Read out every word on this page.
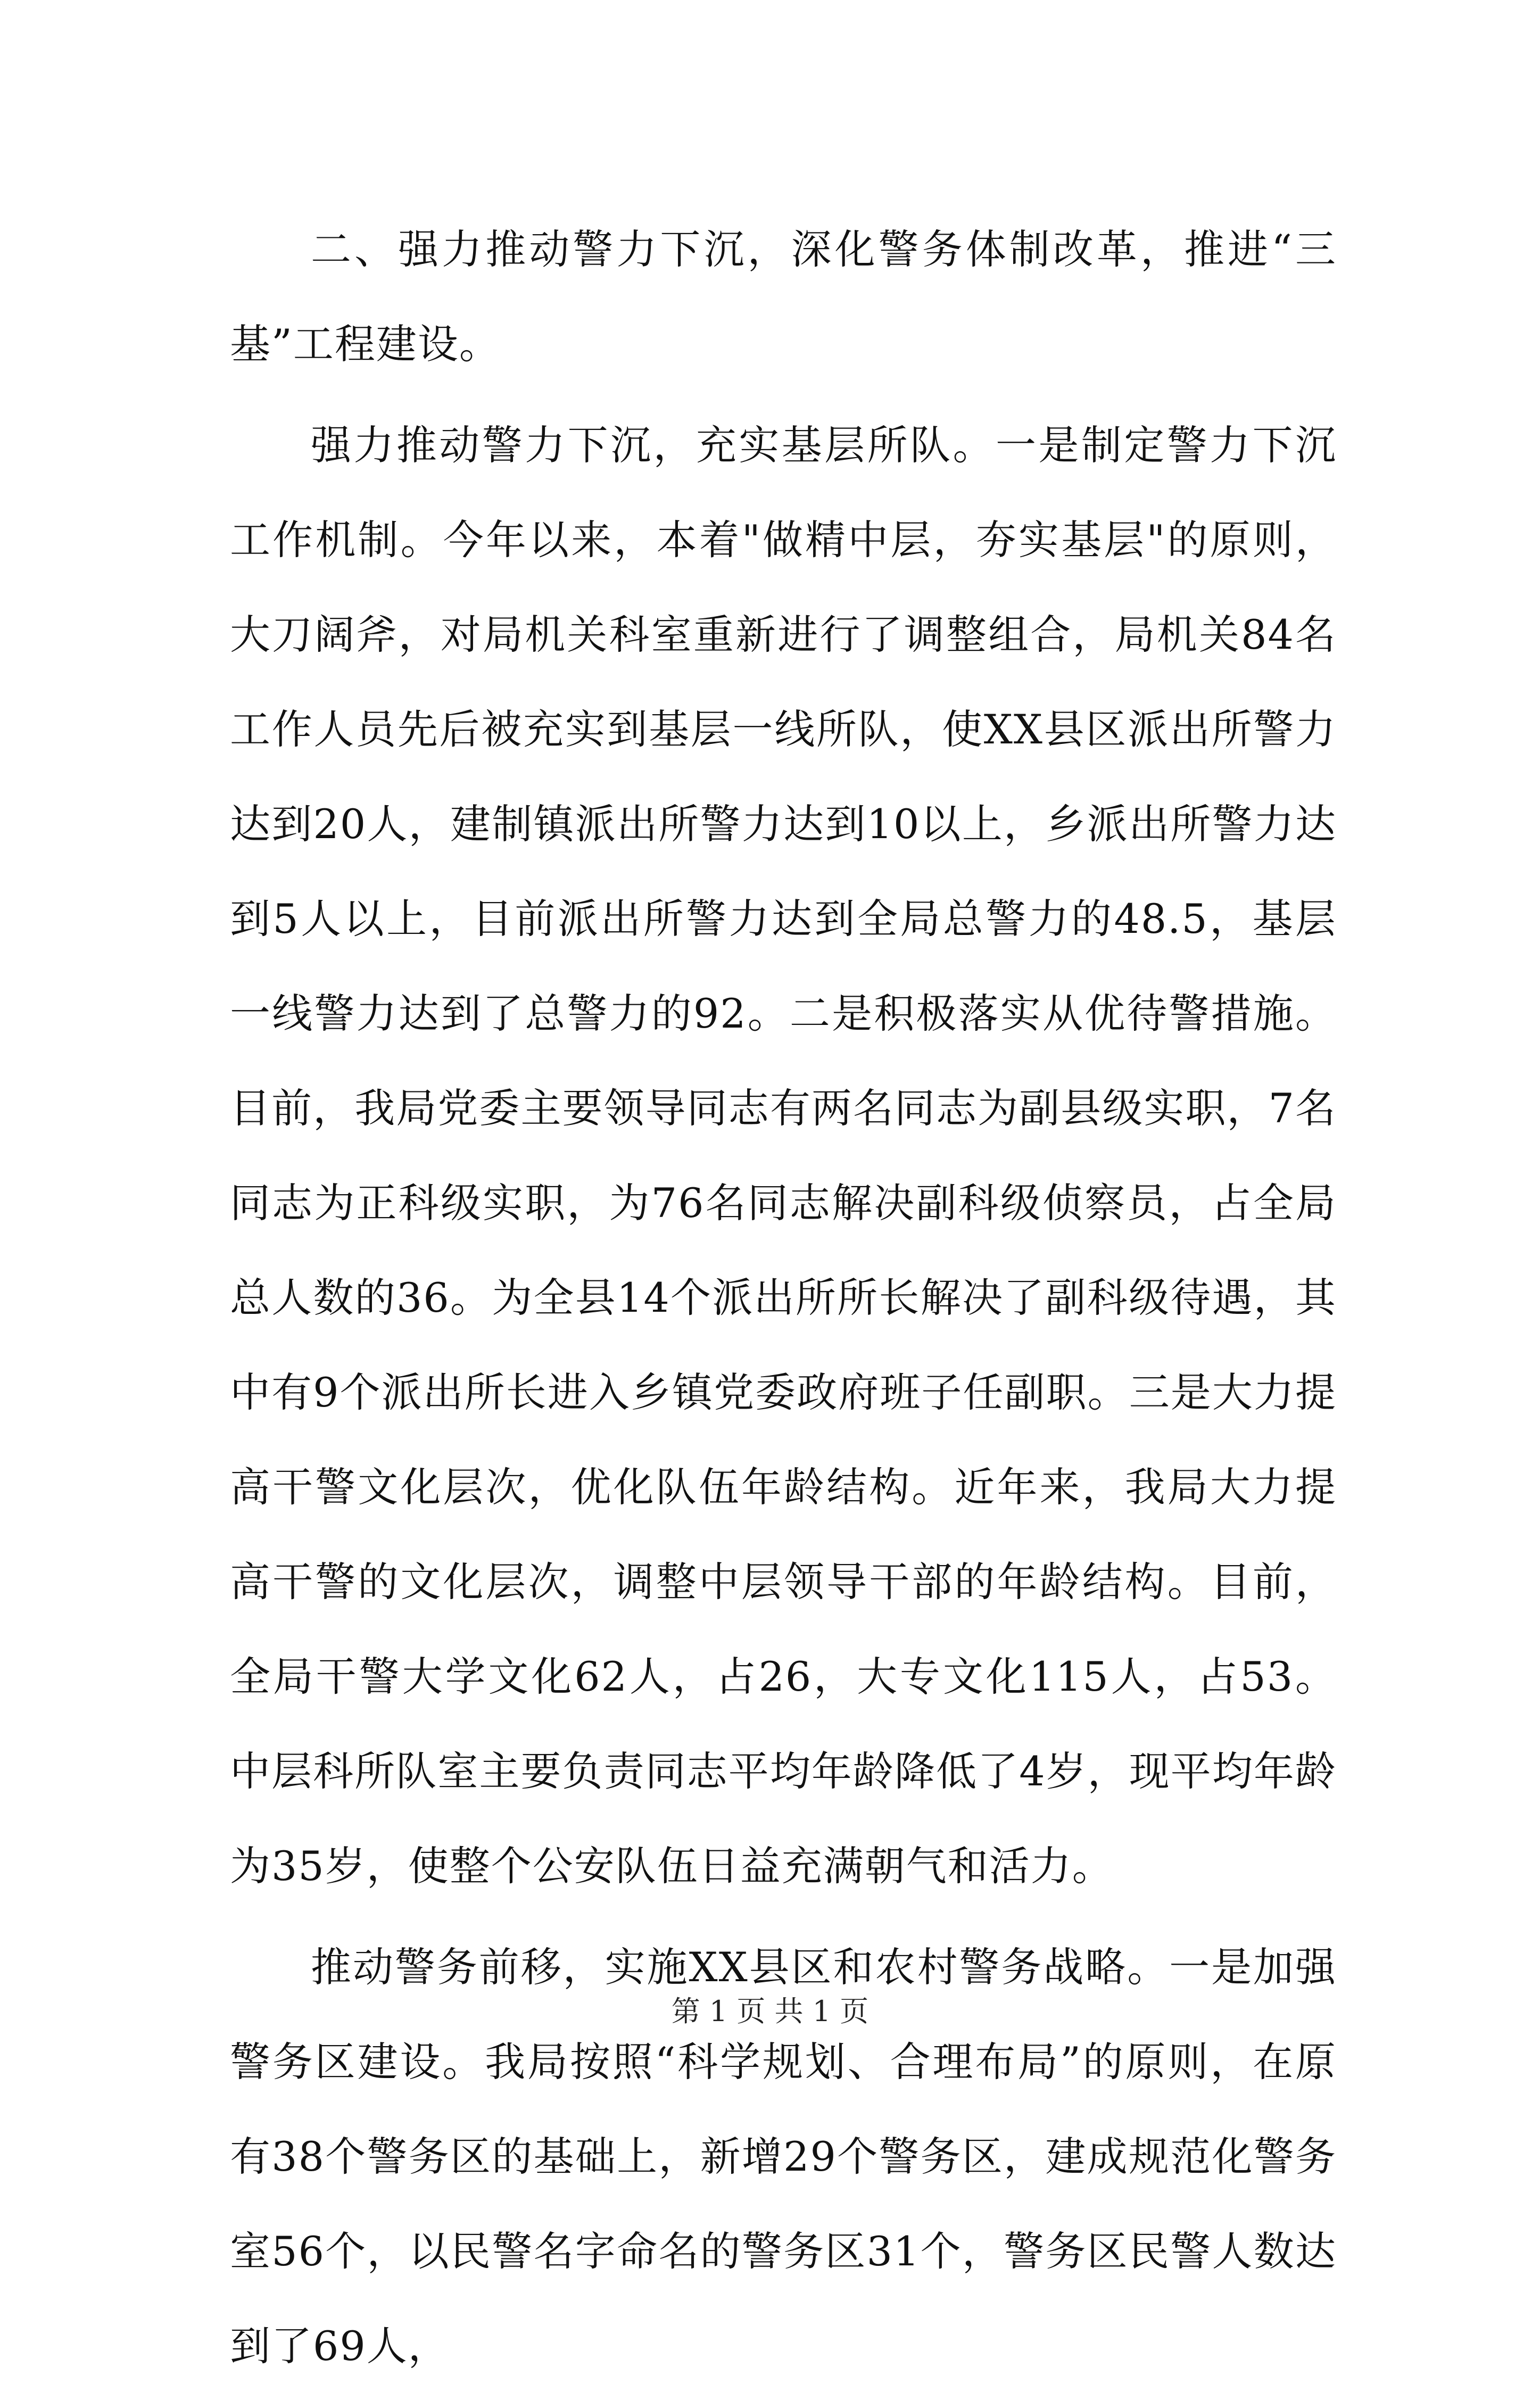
二、强力推动警力下沉，深化警务体制改革，推进“三基”工程建设。

强力推动警力下沉，充实基层所队。一是制定警力下沉工作机制。今年以来，本着"做精中层，夯实基层"的原则，大刀阔斧，对局机关科室重新进行了调整组合，局机关84名工作人员先后被充实到基层一线所队，使XX县区派出所警力达到20人，建制镇派出所警力达到10以上，乡派出所警力达到5人以上，目前派出所警力达到全局总警力的48.5，基层一线警力达到了总警力的92。二是积极落实从优待警措施。目前，我局党委主要领导同志有两名同志为副县级实职，7名同志为正科级实职，为76名同志解决副科级侦察员，占全局总人数的36。为全县14个派出所所长解决了副科级待遇，其中有9个派出所长进入乡镇党委政府班子任副职。三是大力提高干警文化层次，优化队伍年龄结构。近年来，我局大力提高干警的文化层次，调整中层领导干部的年龄结构。目前，全局干警大学文化62人，占26，大专文化115人，占53。中层科所队室主要负责同志平均年龄降低了4岁，现平均年龄为35岁，使整个公安队伍日益充满朝气和活力。

推动警务前移，实施XX县区和农村警务战略。一是加强警务区建设。我局按照“科学规划、合理布局”的原则，在原有38个警务区的基础上，新增29个警务区，建成规范化警务室56个，以民警名字命名的警务区31个，警务区民警人数达到了69人，

第 1 页 共 1 页
